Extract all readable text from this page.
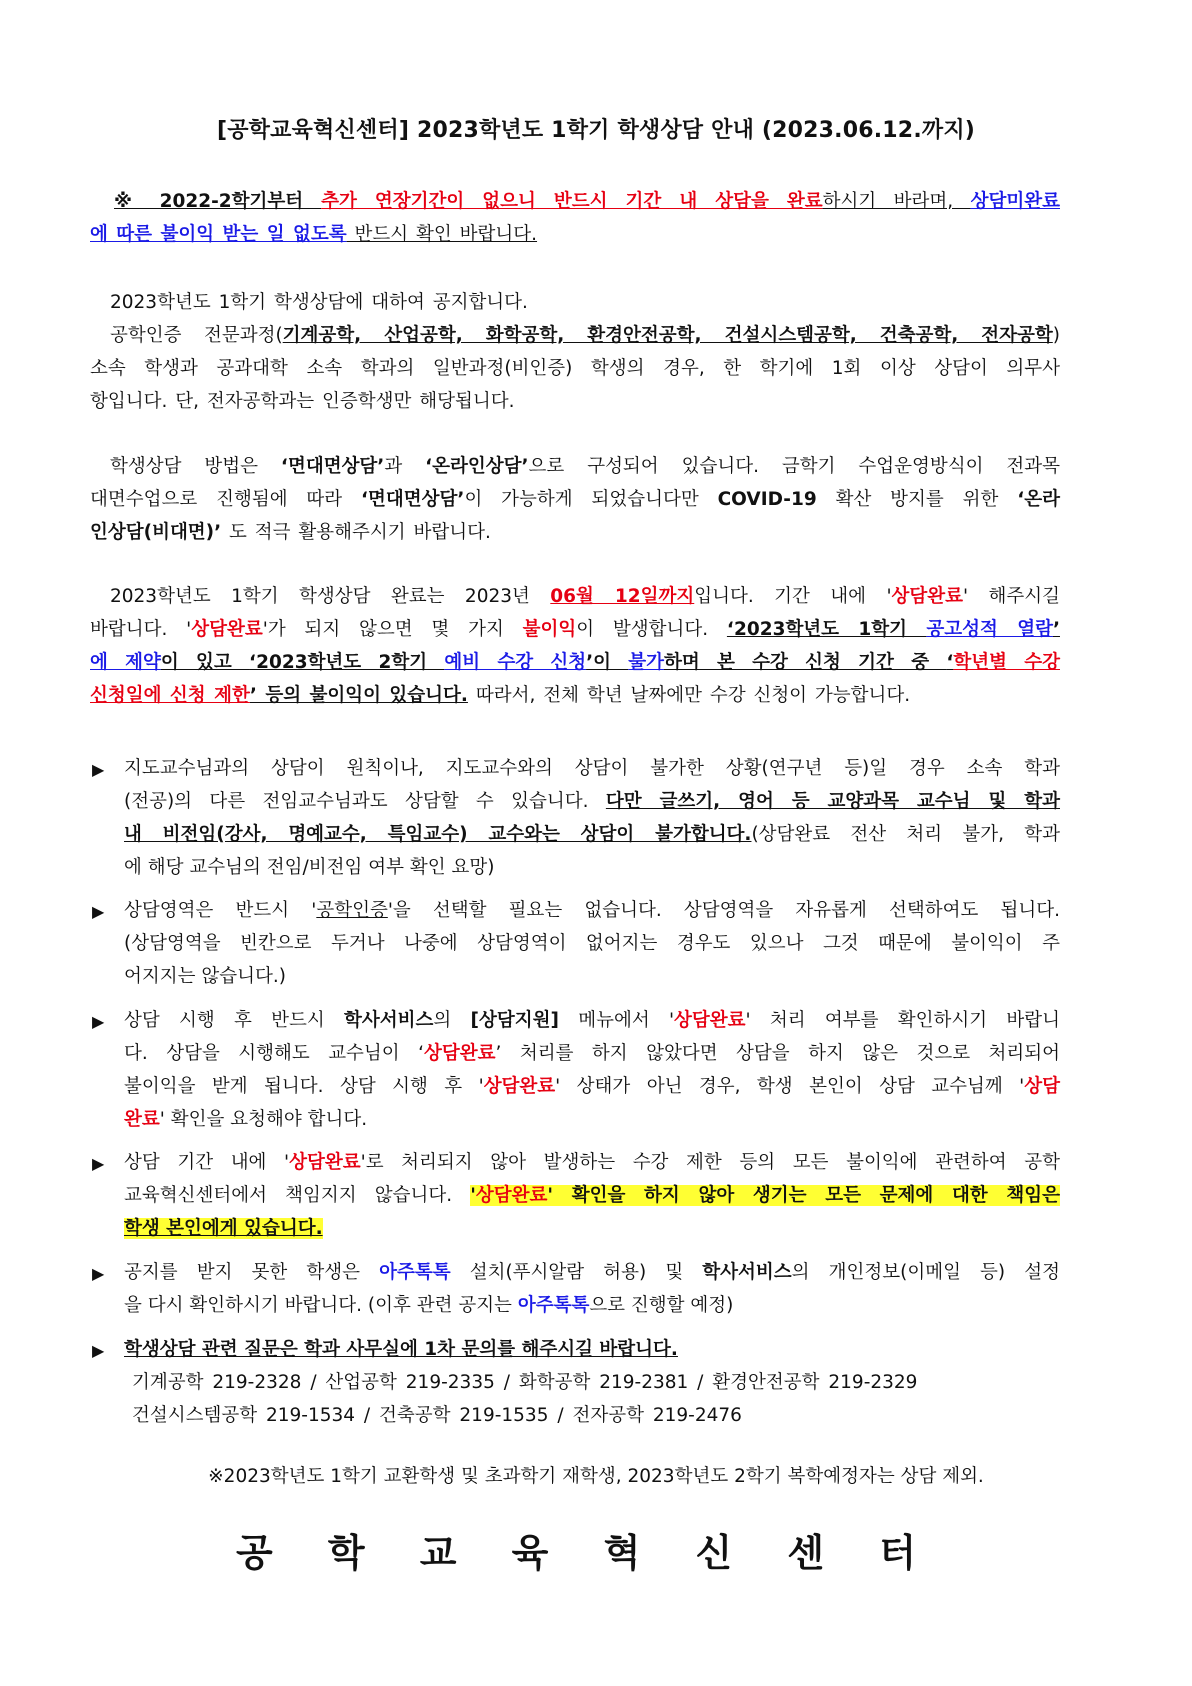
[공학교육혁신센터] 2023학년도 1학기 학생상담 안내 (2023.06.12.까지)
※ 2022-2학기부터 추가 연장기간이 없으니 반드시 기간 내 상담을 완료하시기 바라며, 상담미완료
에 따른 불이익 받는 일 없도록 반드시 확인 바랍니다.
2023학년도 1학기 학생상담에 대하여 공지합니다.
공학인증 전문과정(기계공학, 산업공학, 화학공학, 환경안전공학, 건설시스템공학, 건축공학, 전자공학)
소속 학생과 공과대학 소속 학과의 일반과정(비인증) 학생의 경우, 한 학기에 1회 이상 상담이 의무사
항입니다. 단, 전자공학과는 인증학생만 해당됩니다.
학생상담 방법은 ‘면대면상담’과 ‘온라인상담’으로 구성되어 있습니다. 금학기 수업운영방식이 전과목
대면수업으로 진행됨에 따라 ‘면대면상담’이 가능하게 되었습니다만 COVID-19 확산 방지를 위한 ‘온라
인상담(비대면)’ 도 적극 활용해주시기 바랍니다.
2023학년도 1학기 학생상담 완료는 2023년 06월 12일까지입니다. 기간 내에 '상담완료' 해주시길
바랍니다. '상담완료'가 되지 않으면 몇 가지 불이익이 발생합니다. ‘2023학년도 1학기 공고성적 열람’
에 제약이 있고 ‘2023학년도 2학기 예비 수강 신청’이 불가하며 본 수강 신청 기간 중 ‘학년별 수강
신청일에 신청 제한’ 등의 불이익이 있습니다. 따라서, 전체 학년 날짜에만 수강 신청이 가능합니다.
▶ 지도교수님과의 상담이 원칙이나, 지도교수와의 상담이 불가한 상황(연구년 등)일 경우 소속 학과
(전공)의 다른 전임교수님과도 상담할 수 있습니다. 다만 글쓰기, 영어 등 교양과목 교수님 및 학과
내 비전임(강사, 명예교수, 특임교수) 교수와는 상담이 불가합니다.(상담완료 전산 처리 불가, 학과
에 해당 교수님의 전임/비전임 여부 확인 요망)
▶ 상담영역은 반드시 '공학인증'을 선택할 필요는 없습니다. 상담영역을 자유롭게 선택하여도 됩니다.
(상담영역을 빈칸으로 두거나 나중에 상담영역이 없어지는 경우도 있으나 그것 때문에 불이익이 주
어지지는 않습니다.)
▶ 상담 시행 후 반드시 학사서비스의 [상담지원] 메뉴에서 '상담완료' 처리 여부를 확인하시기 바랍니
다. 상담을 시행해도 교수님이 ‘상담완료’ 처리를 하지 않았다면 상담을 하지 않은 것으로 처리되어
불이익을 받게 됩니다. 상담 시행 후 '상담완료' 상태가 아닌 경우, 학생 본인이 상담 교수님께 '상담
완료' 확인을 요청해야 합니다.
▶ 상담 기간 내에 '상담완료'로 처리되지 않아 발생하는 수강 제한 등의 모든 불이익에 관련하여 공학
교육혁신센터에서 책임지지 않습니다. '상담완료' 확인을 하지 않아 생기는 모든 문제에 대한 책임은
학생 본인에게 있습니다.
▶ 공지를 받지 못한 학생은 아주톡톡 설치(푸시알람 허용) 및 학사서비스의 개인정보(이메일 등) 설정
을 다시 확인하시기 바랍니다. (이후 관련 공지는 아주톡톡으로 진행할 예정)
▶ 학생상담 관련 질문은 학과 사무실에 1차 문의를 해주시길 바랍니다.
기계공학 219-2328 / 산업공학 219-2335 / 화학공학 219-2381 / 환경안전공학 219-2329
건설시스템공학 219-1534 / 건축공학 219-1535 / 전자공학 219-2476
※2023학년도 1학기 교환학생 및 초과학기 재학생, 2023학년도 2학기 복학예정자는 상담 제외.
공 학 교 육 혁 신 센 터
